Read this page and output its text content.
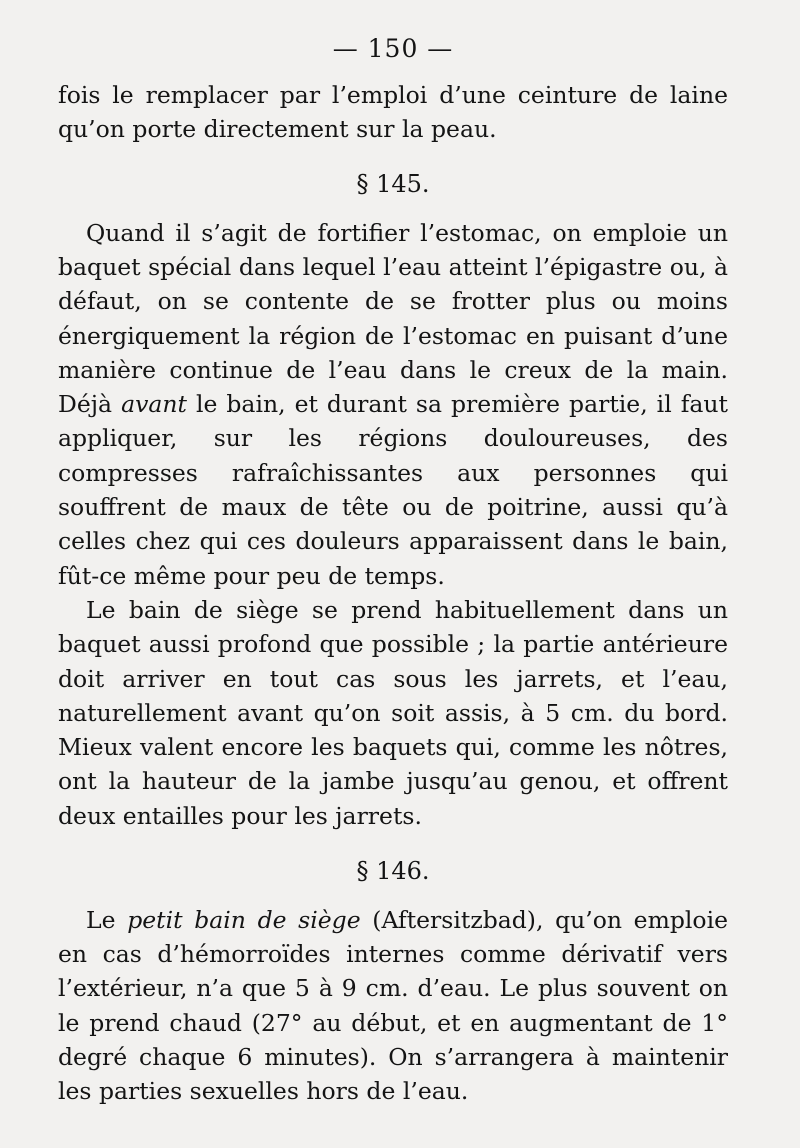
— 150 —

fois le remplacer par l’emploi d’une ceinture de laine qu’on porte directement sur la peau.

§ 145.

Quand il s’agit de fortifier l’estomac, on emploie un baquet spécial dans lequel l’eau atteint l’épigastre ou, à défaut, on se contente de se frotter plus ou moins énergiquement la région de l’estomac en puisant d’une manière continue de l’eau dans le creux de la main. Déjà avant le bain, et durant sa première partie, il faut appliquer, sur les régions douloureuses, des compresses rafraîchissantes aux personnes qui souffrent de maux de tête ou de poitrine, aussi qu’à celles chez qui ces douleurs apparaissent dans le bain, fût-ce même pour peu de temps.

Le bain de siège se prend habituellement dans un baquet aussi profond que possible ; la partie antérieure doit arriver en tout cas sous les jarrets, et l’eau, naturellement avant qu’on soit assis, à 5 cm. du bord. Mieux valent encore les baquets qui, comme les nôtres, ont la hauteur de la jambe jusqu’au genou, et offrent deux entailles pour les jarrets.

§ 146.

Le petit bain de siège (Aftersitzbad), qu’on emploie en cas d’hémorroïdes internes comme dérivatif vers l’extérieur, n’a que 5 à 9 cm. d’eau. Le plus souvent on le prend chaud (27° au début, et en augmentant de 1° degré chaque 6 minutes). On s’arrangera à maintenir les parties sexuelles hors de l’eau.
